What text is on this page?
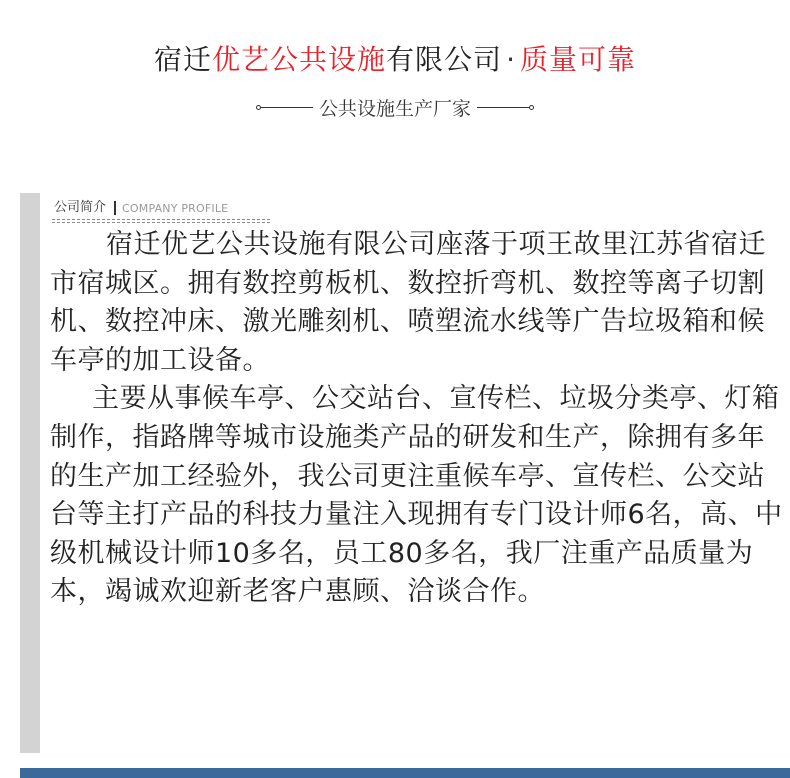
宿迁优艺公共设施有限公司 · 质量可靠
公共设施生产厂家
公司简介 COMPANY PROFILE

宿迁优艺公共设施有限公司座落于项王故里江苏省宿迁市宿城区。拥有数控剪板机、数控折弯机、数控等离子切割机、数控冲床、激光雕刻机、喷塑流水线等广告垃圾箱和候车亭的加工设备。

主要从事候车亭、公交站台、宣传栏、垃圾分类亭、灯箱制作，指路牌等城市设施类产品的研发和生产，除拥有多年的生产加工经验外，我公司更注重候车亭、宣传栏、公交站台等主打产品的科技力量注入现拥有专门设计师6名，高、中级机械设计师10多名，员工80多名，我厂注重产品质量为本，竭诚欢迎新老客户惠顾、洽谈合作。
